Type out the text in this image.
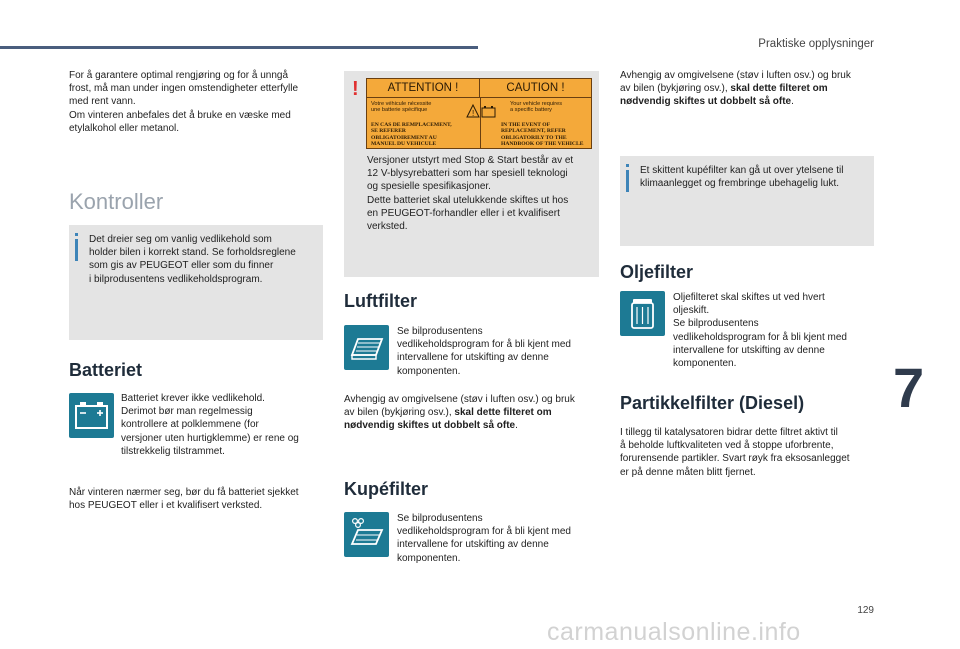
Praktiske opplysninger
7
129
carmanualsonline.info

For å garantere optimal rengjøring og for å unngå

frost, må man under ingen omstendigheter etterfylle

med rent vann.

Om vinteren anbefales det å bruke en væske med

etylalkohol eller metanol.

Kontroller

Det dreier seg om vanlig vedlikehold som

holder bilen i korrekt stand. Se forholdsreglene

som gis av PEUGEOT eller som du finner

i bilprodusentens vedlikeholdsprogram.

Batteriet

Batteriet krever ikke vedlikehold.

Derimot bør man regelmessig

kontrollere at polklemmene (for

versjoner uten hurtigklemme) er rene og

tilstrekkelig tilstrammet.

Når vinteren nærmer seg, bør du få batteriet sjekket

hos PEUGEOT eller i et kvalifisert verksted.

!	ATTENTION !	CAUTION !
Votre véhicule nécessite
une batterie spécifique
Your vehicle requires
a specific battery
!
EN CAS DE REMPLACEMENT,
SE REFERER
OBLIGATOIREMENT AU
MANUEL DU VEHICULE
IN THE EVENT OF
REPLACEMENT, REFER
OBLIGATORILY TO THE
HANDBOOK OF THE VEHICLE

Versjoner utstyrt med Stop & Start består av et

12 V-blysyrebatteri som har spesiell teknologi

og spesielle spesifikasjoner.

Dette batteriet skal utelukkende skiftes ut hos

en PEUGEOT-forhandler eller i et kvalifisert

verksted.

Luftfilter

Se bilprodusentens

vedlikeholdsprogram for å bli kjent med

intervallene for utskifting av denne

komponenten.

Avhengig av omgivelsene (støv i luften osv.) og bruk

av bilen (bykjøring osv.), skal dette filteret om

nødvendig skiftes ut dobbelt så ofte.

Kupéfilter

Se bilprodusentens

vedlikeholdsprogram for å bli kjent med

intervallene for utskifting av denne

komponenten.

Avhengig av omgivelsene (støv i luften osv.) og bruk

av bilen (bykjøring osv.), skal dette filteret om

nødvendig skiftes ut dobbelt så ofte.

Et skittent kupéfilter kan gå ut over ytelsene til

klimaanlegget og frembringe ubehagelig lukt.

Oljefilter

Oljefilteret skal skiftes ut ved hvert

oljeskift.

Se bilprodusentens

vedlikeholdsprogram for å bli kjent med

intervallene for utskifting av denne

komponenten.

Partikkelfilter (Diesel)

I tillegg til katalysatoren bidrar dette filtret aktivt til

å beholde luftkvaliteten ved å stoppe uforbrente,

forurensende partikler. Svart røyk fra eksosanlegget

er på denne måten blitt fjernet.
